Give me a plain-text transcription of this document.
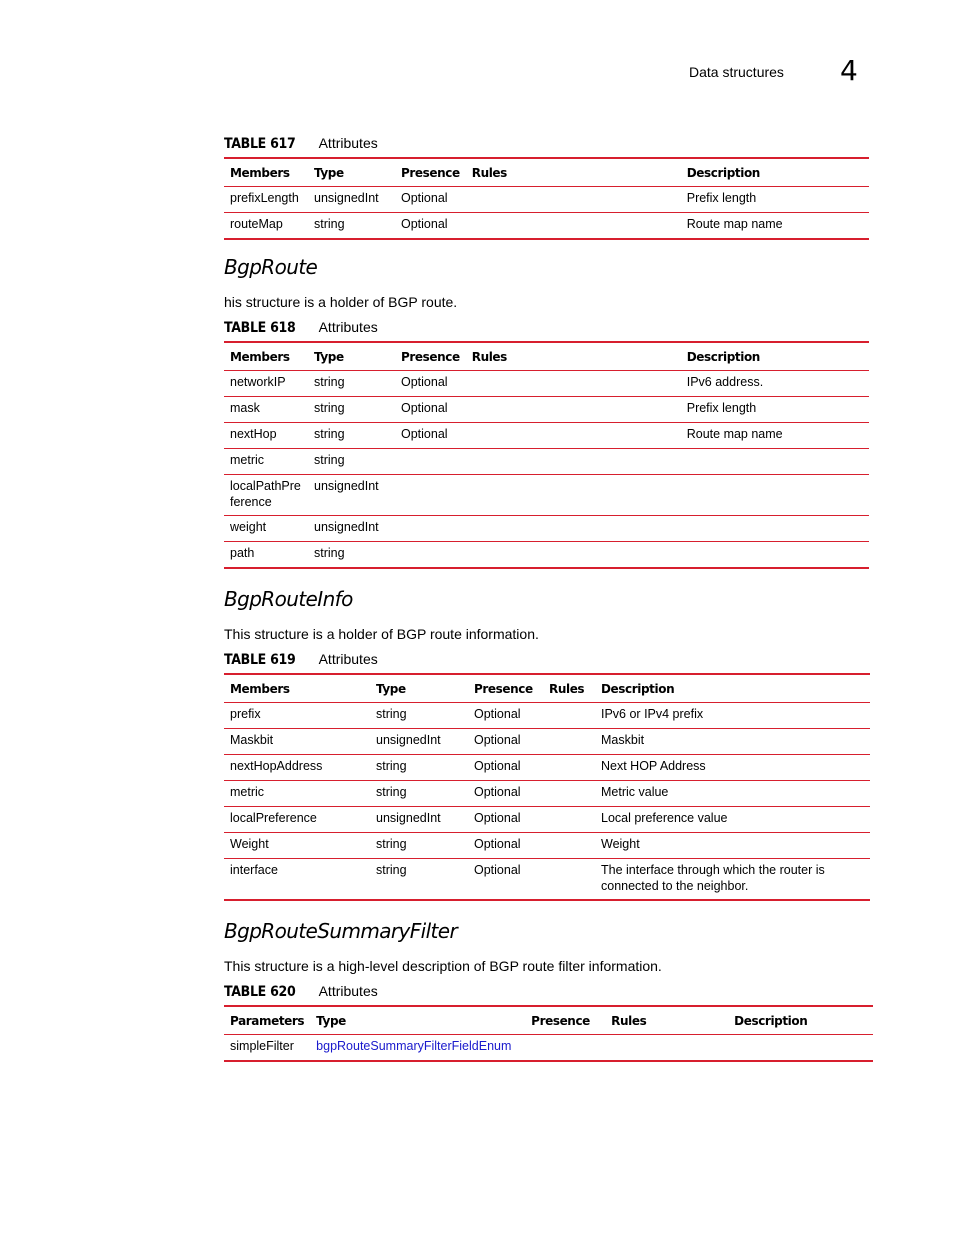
Data structures 4
TABLE 617 Attributes
Members	Type	Presence	Rules	Description
prefixLength	unsignedInt	Optional		Prefix length
routeMap	string	Optional		Route map name
BgpRoute
his structure is a holder of BGP route.
TABLE 618 Attributes
Members	Type	Presence	Rules	Description
networkIP	string	Optional		IPv6 address.
mask	string	Optional		Prefix length
nextHop	string	Optional		Route map name
metric	string			
localPathPre ference	unsignedInt			
weight	unsignedInt			
path	string			
BgpRouteInfo
This structure is a holder of BGP route information.
TABLE 619 Attributes
Members	Type	Presence	Rules	Description
prefix	string	Optional		IPv6 or IPv4 prefix
Maskbit	unsignedInt	Optional		Maskbit
nextHopAddress	string	Optional		Next HOP Address
metric	string	Optional		Metric value
localPreference	unsignedInt	Optional		Local preference value
Weight	string	Optional		Weight
interface	string	Optional		The interface through which the router is connected to the neighbor.
BgpRouteSummaryFilter
This structure is a high-level description of BGP route filter information.
TABLE 620 Attributes
Parameters	Type	Presence	Rules	Description
simpleFilter	bgpRouteSummaryFilterFieldEnum			
